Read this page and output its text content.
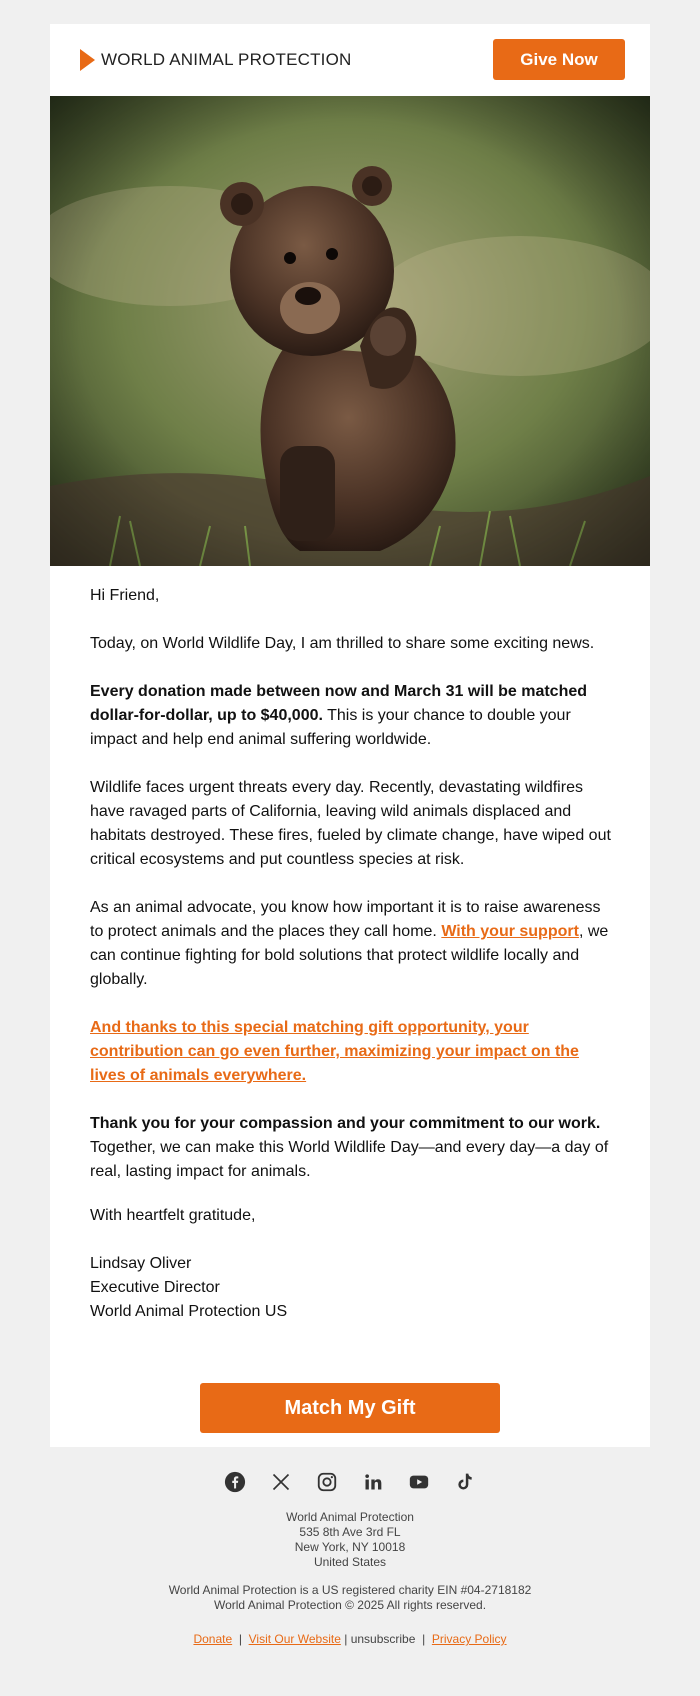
WORLD ANIMAL PROTECTION	Give Now

Hi Friend,

Today, on World Wildlife Day, I am thrilled to share some exciting news.

Every donation made between now and March 31 will be matched dollar-for-dollar, up to $40,000. This is your chance to double your impact and help end animal suffering worldwide.

Wildlife faces urgent threats every day. Recently, devastating wildfires have ravaged parts of California, leaving wild animals displaced and habitats destroyed. These fires, fueled by climate change, have wiped out critical ecosystems and put countless species at risk.

As an animal advocate, you know how important it is to raise awareness to protect animals and the places they call home. With your support, we can continue fighting for bold solutions that protect wildlife locally and globally.

And thanks to this special matching gift opportunity, your contribution can go even further, maximizing your impact on the lives of animals everywhere.

Thank you for your compassion and your commitment to our work. Together, we can make this World Wildlife Day—and every day—a day of real, lasting impact for animals.

With heartfelt gratitude,

Lindsay Oliver
Executive Director
World Animal Protection US

Match My Gift
World Animal Protection
535 8th Ave 3rd FL
New York, NY 10018
United States
World Animal Protection is a US registered charity EIN #04-2718182
World Animal Protection © 2025 All rights reserved.
Donate | Visit Our Website | unsubscribe | Privacy Policy
